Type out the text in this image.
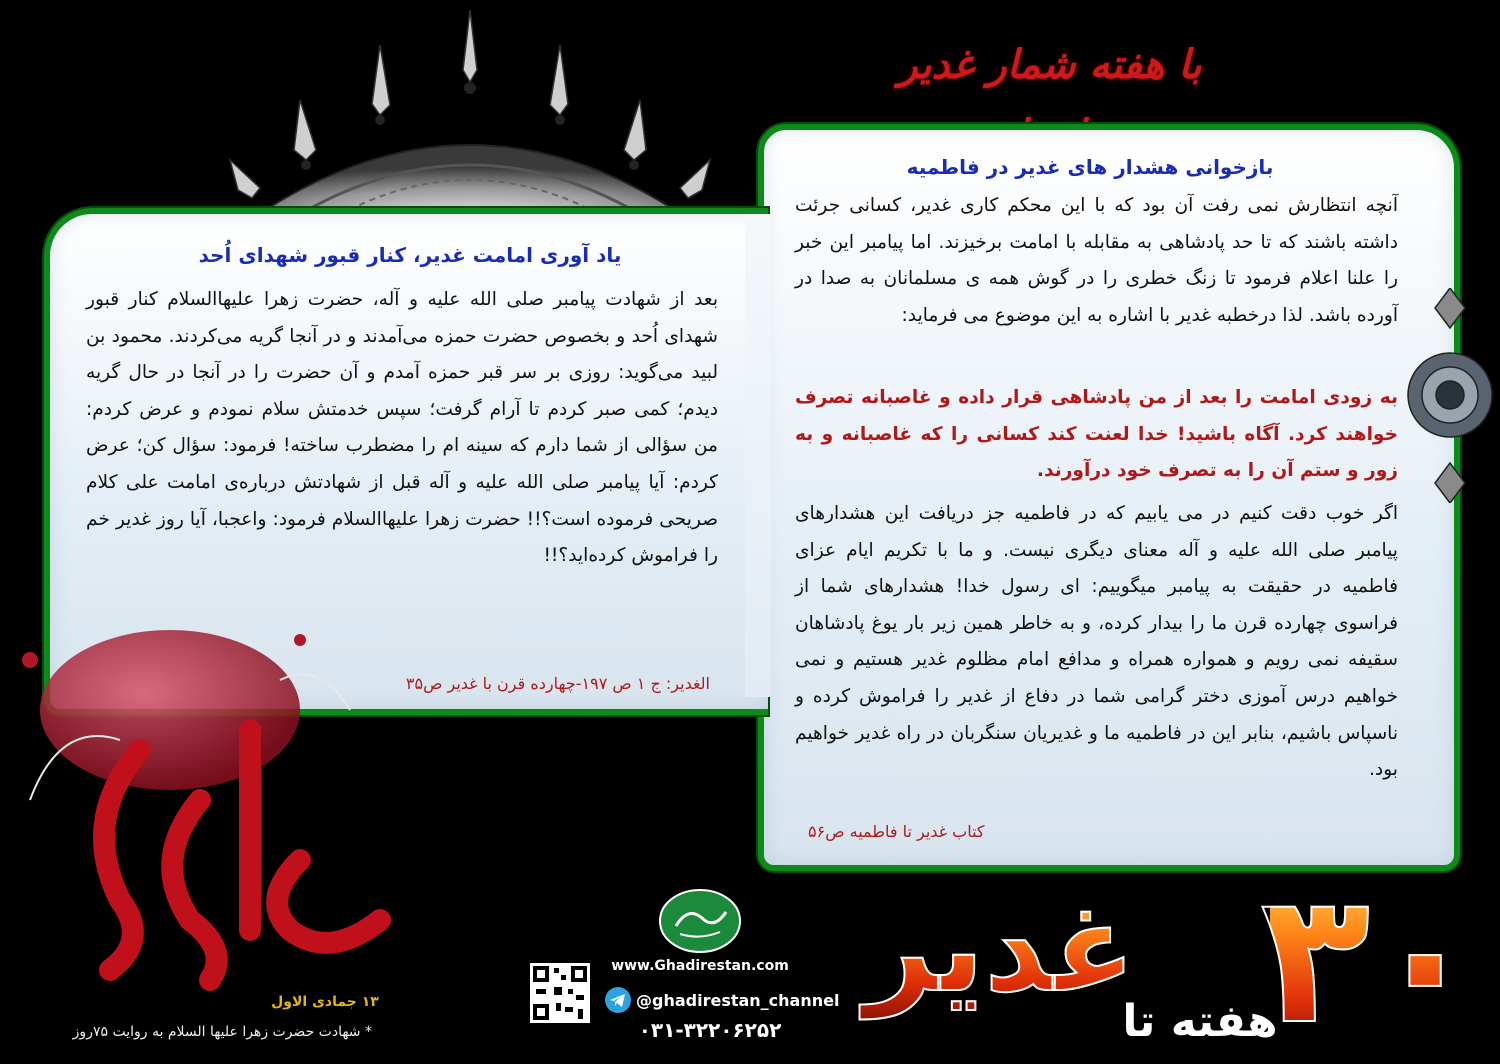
با هفته شمار غدیر
بازخوانی هشدار های غدیر در فاطمیه
آنچه انتظارش نمی رفت آن بود که با این محکم کاری غدیر، کسانی جرئت داشته باشند که تا حد پادشاهی به مقابله با امامت برخیزند. اما پیامبر این خبر را علنا اعلام فرمود تا زنگ خطری را در گوش همه ی مسلمانان به صدا در آورده باشد. لذا درخطبه غدیر با اشاره به این موضوع می فرماید:
به زودی امامت را بعد از من پادشاهی قرار داده و غاصبانه تصرف خواهند کرد. آگاه باشید! خدا لعنت کند کسانی را که غاصبانه و به زور و ستم آن را به تصرف خود درآورند.
اگر خوب دقت کنیم در می یابیم که در فاطمیه جز دریافت این هشدارهای پیامبر صلی الله علیه و آله معنای دیگری نیست. و ما با تکریم ایام عزای فاطمیه در حقیقت به پیامبر میگوییم: ای رسول خدا! هشدارهای شما از فراسوی چهارده قرن ما را بیدار کرده، و به خاطر همین زیر بار یوغ پادشاهان سقیفه نمی رویم و همواره همراه و مدافع امام مظلوم غدیر هستیم و نمی خواهیم درس آموزی دختر گرامی شما در دفاع از غدیر را فراموش کرده و ناسپاس باشیم، بنابر این در فاطمیه ما و غدیریان سنگربان در راه غدیر خواهیم بود.
کتاب غدیر تا فاطمیه ص۵۶
یاد آوری امامت غدیر، کنار قبور شهدای اُحد
بعد از شهادت پیامبر صلی الله علیه و آله، حضرت زهرا علیهاالسلام کنار قبور شهدای اُحد و بخصوص حضرت حمزه می‌آمدند و در آنجا گریه می‌کردند. محمود بن لبید می‌گوید: روزی بر سر قبر حمزه آمدم و آن حضرت را در آنجا در حال گریه دیدم؛ کمی صبر کردم تا آرام گرفت؛ سپس خدمتش سلام نمودم و عرض کردم: من سؤالی از شما دارم که سینه ام را مضطرب ساخته! فرمود: سؤال کن؛ عرض کردم: آیا پیامبر صلی الله علیه و آله قبل از شهادتش درباره‌ی امامت علی کلام صریحی فرموده است؟!! حضرت زهرا علیهاالسلام فرمود: واعجبا، آیا روز غدیر خم را فراموش کرده‌اید؟!!
الغدیر: ج ۱ ص ۱۹۷-چهارده قرن با غدیر ص۳۵
۱۳ جمادی الاول
* شهادت حضرت زهرا علیها السلام به روایت ۷۵روز
www.Ghadirestan.com
@ghadirestan_channel
۰۳۱-۳۲۲۰۶۲۵۲
غدیر ۳۰
هفته تا
